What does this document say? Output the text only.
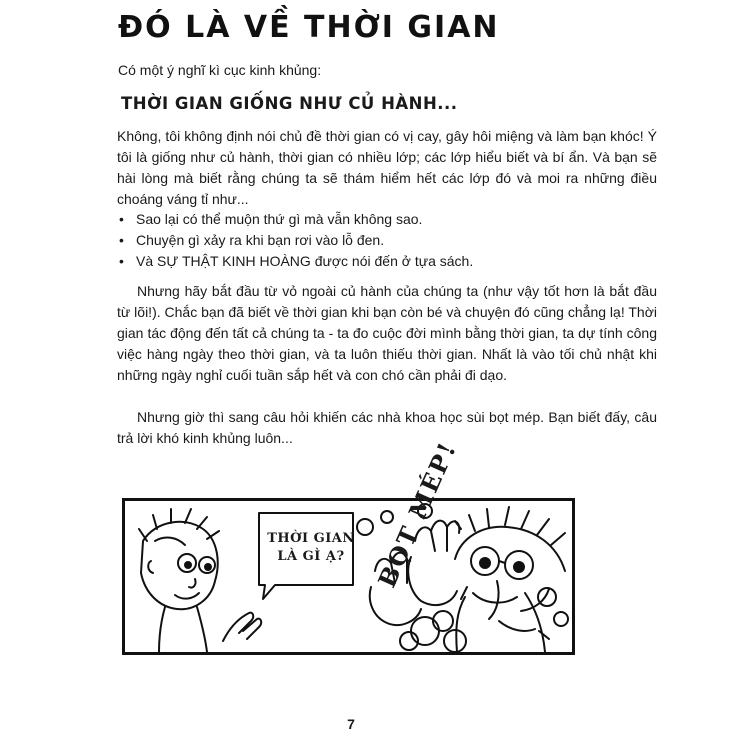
ĐÓ LÀ VỀ THỜI GIAN
Có một ý nghĩ kì cục kinh khủng:
THỜI GIAN GIỐNG NHƯ CỦ HÀNH...
Không, tôi không định nói chủ đề thời gian có vị cay, gây hôi miệng và làm bạn khóc! Ý tôi là giống như củ hành, thời gian có nhiều lớp; các lớp hiểu biết và bí ẩn. Và bạn sẽ hài lòng mà biết rằng chúng ta sẽ thám hiểm hết các lớp đó và moi ra những điều choáng váng tỉ như...
• Sao lại có thể muộn thứ gì mà vẫn không sao.
• Chuyện gì xảy ra khi bạn rơi vào lỗ đen.
• Và SỰ THẬT KINH HOÀNG được nói đến ở tựa sách.
Nhưng hãy bắt đầu từ vỏ ngoài củ hành của chúng ta (như vậy tốt hơn là bắt đầu từ lõi!). Chắc bạn đã biết về thời gian khi bạn còn bé và chuyện đó cũng chẳng lạ! Thời gian tác động đến tất cả chúng ta - ta đo cuộc đời mình bằng thời gian, ta dự tính công việc hàng ngày theo thời gian, và ta luôn thiếu thời gian. Nhất là vào tối chủ nhật khi những ngày nghỉ cuối tuần sắp hết và con chó cần phải đi dạo.
Nhưng giờ thì sang câu hỏi khiến các nhà khoa học sùi bọt mép. Bạn biết đấy, câu trả lời khó kinh khủng luôn...
THỜI GIAN
LÀ GÌ Ạ?	BỌT MÉP!
7
